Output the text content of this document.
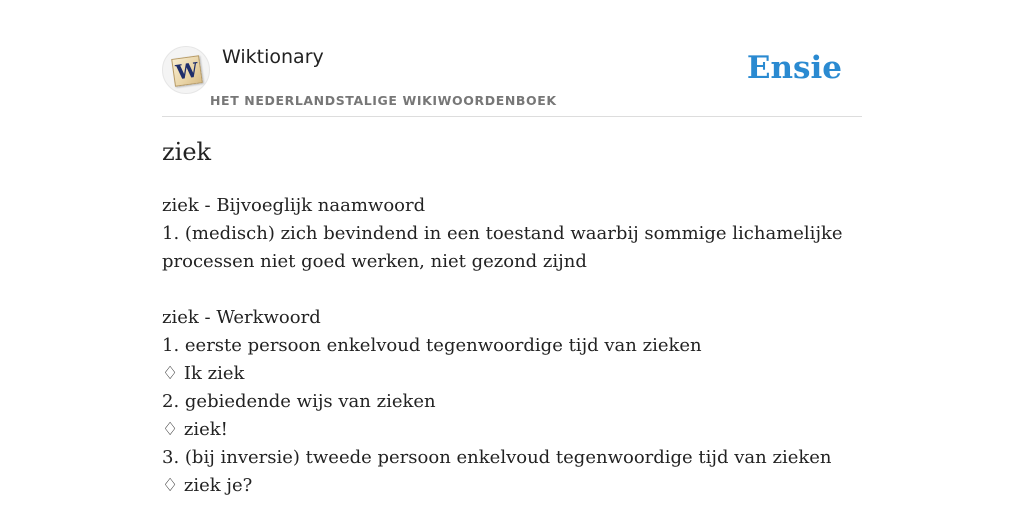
W
Wiktionary
HET NEDERLANDSTALIGE WIKIWOORDENBOEK
Ensie
ziek
ziek - Bijvoeglijk naamwoord
1. (medisch) zich bevindend in een toestand waarbij sommige lichamelijke processen niet goed werken, niet gezond zijnd
ziek - Werkwoord
1. eerste persoon enkelvoud tegenwoordige tijd van zieken
♢ Ik ziek
2. gebiedende wijs van zieken
♢ ziek!
3. (bij inversie) tweede persoon enkelvoud tegenwoordige tijd van zieken
♢ ziek je?
